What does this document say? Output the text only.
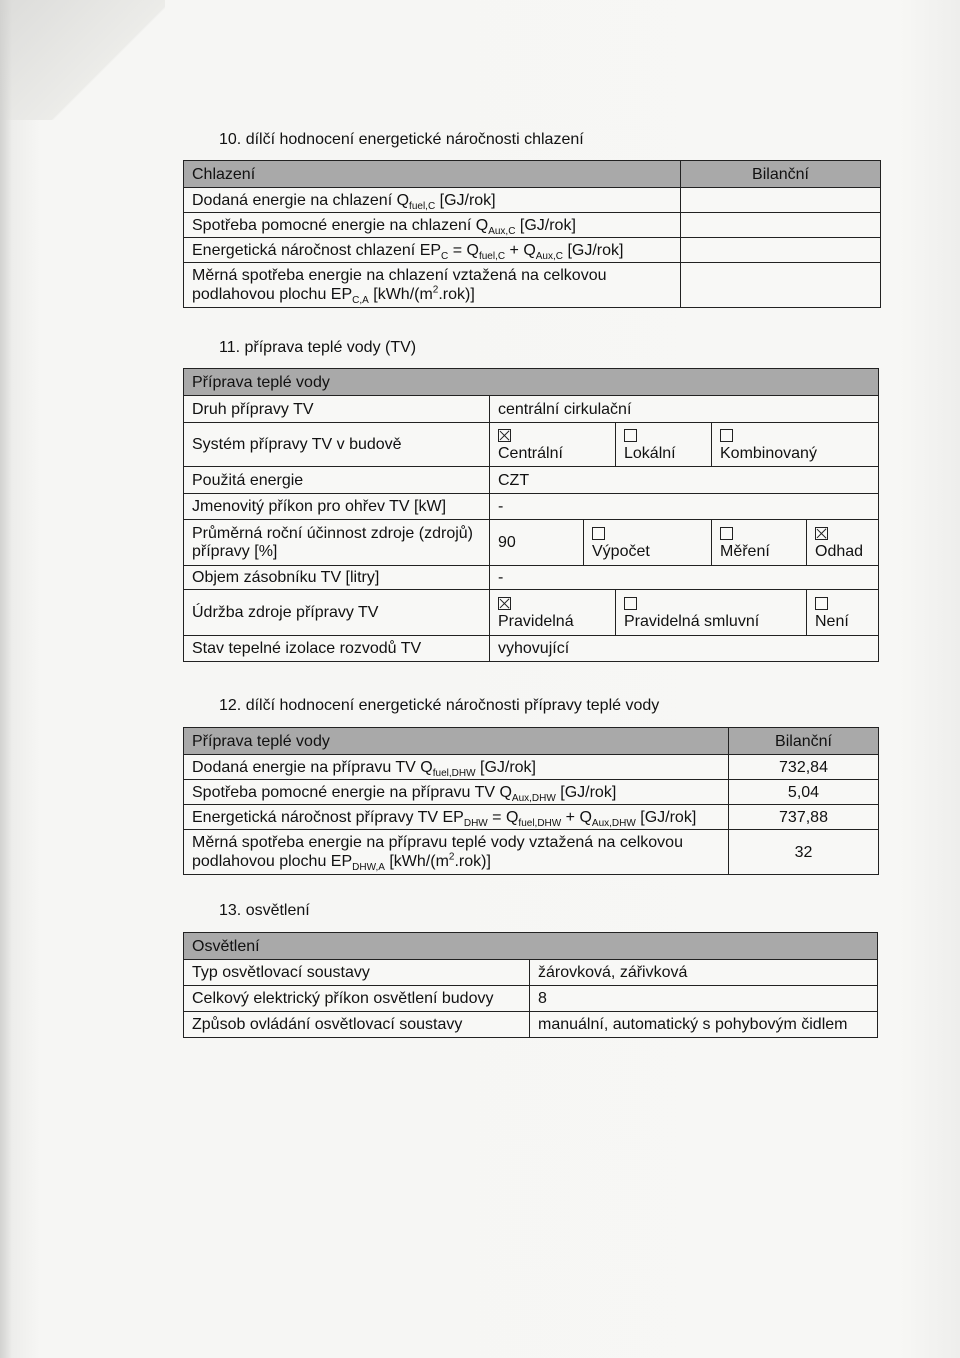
10. dílčí hodnocení energetické náročnosti chlazení
Chlazení	Bilanční
Dodaná energie na chlazení $Q_{fuel,C}$ [GJ/rok]	
Spotřeba pomocné energie na chlazení $Q_{Aux,C}$ [GJ/rok]	
Energetická náročnost chlazení $EP_C = Q_{fuel,C} + Q_{Aux,C}$ [GJ/rok]	

Měrná spotřeba energie na chlazení vztažená na celkovou
podlahovou plochu $EP_{C,A}$ $[kWh/(m^2.rok)]$	
11. příprava teplé vody (TV)
Příprava teplé vody					
Druh přípravy TV	centrální cirkulační				
Systém přípravy TV v budově	Centrální		Lokální	Kombinovaný	

Použitá energie	CZT				
Jmenovitý příkon pro ohřev TV [kW]	-				

Průměrná roční účinnost zdroje (zdrojů)
přípravy [%]	90	Výpočet		Měření	Odhad

Objem zásobníku TV [litry]	-				
Údržba zdroje přípravy TV	Pravidelná		Pravidelná smluvní		Není

Stav tepelné izolace rozvodů TV	vyhovující				
12. dílčí hodnocení energetické náročnosti přípravy teplé vody
Příprava teplé vody	Bilanční
Dodaná energie na přípravu TV $Q_{fuel,DHW}$ [GJ/rok]	732,84
Spotřeba pomocné energie na přípravu TV $Q_{Aux,DHW}$ [GJ/rok]	5,04
Energetická náročnost přípravy TV $EP_{DHW} = Q_{fuel,DHW} + Q_{Aux,DHW}$ [GJ/rok]	737,88

Měrná spotřeba energie na přípravu teplé vody vztažená na celkovou
podlahovou plochu $EP_{DHW,A}$ $[kWh/(m^2.rok)]$	32
13. osvětlení
Osvětlení	
Typ osvětlovací soustavy	žárovková, zářivková
Celkový elektrický příkon osvětlení budovy	8
Způsob ovládání osvětlovací soustavy	manuální, automatický s pohybovým čidlem
